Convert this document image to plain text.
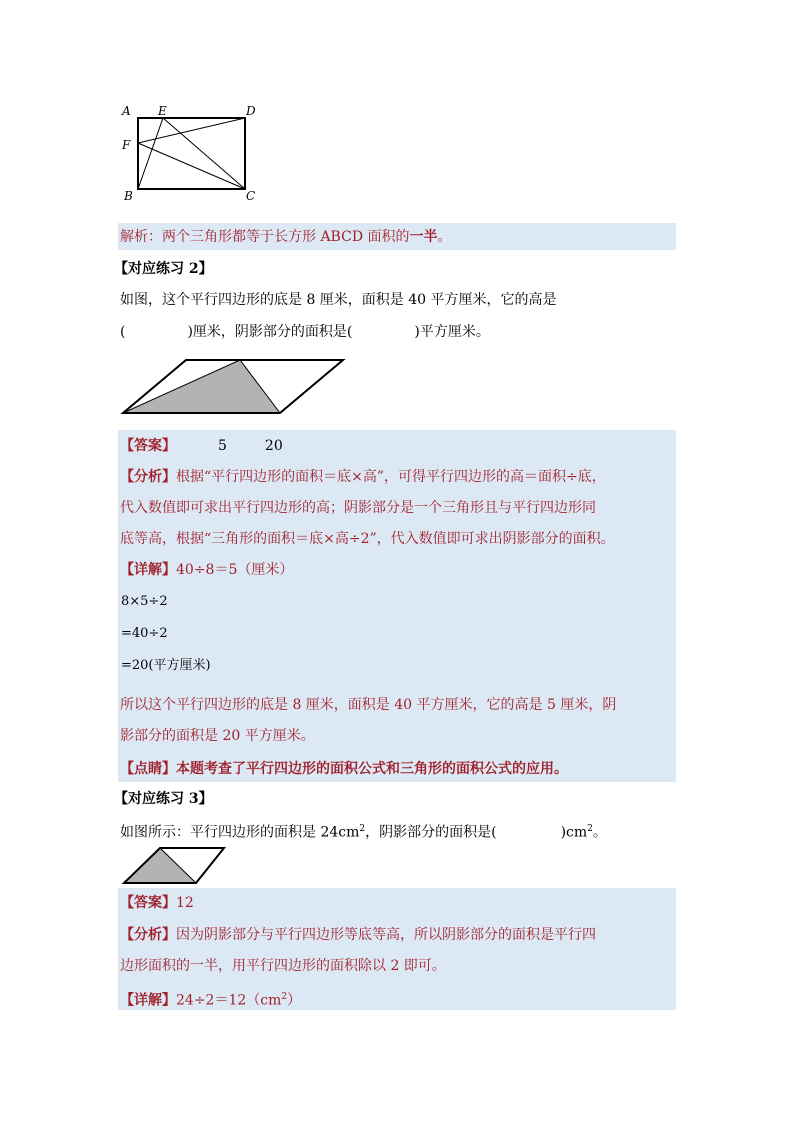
A E	D
F
B	C
解析：两个三角形都等于长方形 ABCD 面积的一半。
【对应练习 2】
如图，这个平行四边形的底是 8 厘米，面积是 40 平方厘米，它的高是
(	)厘米，阴影部分的面积是(	)平方厘米。
【答案】	5	20
【分析】根据“平行四边形的面积＝底×高”，可得平行四边形的高＝面积÷底，
代入数值即可求出平行四边形的高；阴影部分是一个三角形且与平行四边形同
底等高，根据“三角形的面积＝底×高÷2”，代入数值即可求出阴影部分的面积。
【详解】40÷8＝5（厘米）
8×5÷2
=40÷2
=20(平方厘米)
所以这个平行四边形的底是 8 厘米，面积是 40 平方厘米，它的高是 5 厘米，阴
影部分的面积是 20 平方厘米。
【点睛】本题考查了平行四边形的面积公式和三角形的面积公式的应用。
【对应练习 3】
如图所示：平行四边形的面积是 $24cm^2$，阴影部分的面积是(	)$cm^2$。
【答案】12
【分析】因为阴影部分与平行四边形等底等高，所以阴影部分的面积是平行四
边形面积的一半，用平行四边形的面积除以 2 即可。
【详解】$24\div 2=12(cm^2)$
